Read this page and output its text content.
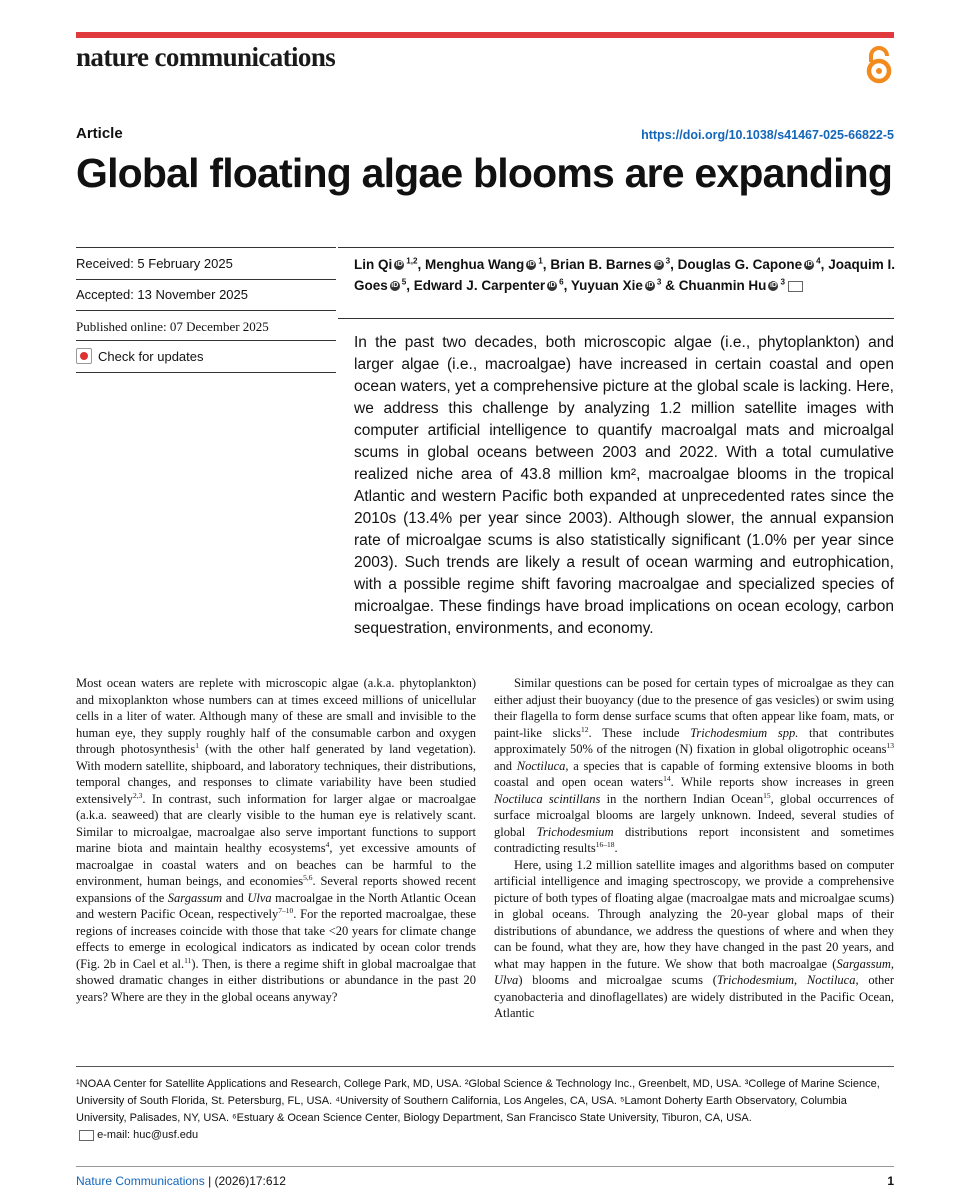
nature communications
Article	https://doi.org/10.1038/s41467-025-66822-5
Global floating algae blooms are expanding
Received: 5 February 2025
Accepted: 13 November 2025
Published online: 07 December 2025
Check for updates
Lin Qi iD $^{1,2}$, Menghua Wang iD $^1$, Brian B. Barnes iD $^3$, Douglas G. Capone iD $^4$, Joaquim I. Goes iD $^5$, Edward J. Carpenter iD $^6$, Yuyuan Xie iD $^3$ & Chuanmin Hu iD $^3$
In the past two decades, both microscopic algae (i.e., phytoplankton) and larger algae (i.e., macroalgae) have increased in certain coastal and open ocean waters, yet a comprehensive picture at the global scale is lacking. Here, we address this challenge by analyzing 1.2 million satellite images with computer artificial intelligence to quantify macroalgal mats and microalgal scums in global oceans between 2003 and 2022. With a total cumulative realized niche area of 43.8 million km², macroalgae blooms in the tropical Atlantic and western Pacific both expanded at unprecedented rates since the 2010s (13.4% per year since 2003). Although slower, the annual expansion rate of microalgae scums is also statistically significant (1.0% per year since 2003). Such trends are likely a result of ocean warming and eutrophication, with a possible regime shift favoring macroalgae and specialized species of microalgae. These findings have broad implications on ocean ecology, carbon sequestration, environments, and economy.

Most ocean waters are replete with microscopic algae (a.k.a. phytoplankton) and mixoplankton whose numbers can at times exceed millions of unicellular cells in a liter of water. Although many of these are small and invisible to the human eye, they supply roughly half of the consumable carbon and oxygen through photosynthesis$^1$ (with the other half generated by land vegetation). With modern satellite, shipboard, and laboratory techniques, their distributions, temporal changes, and responses to climate variability have been studied extensively$^{2,3}$. In contrast, such information for larger algae or macroalgae (a.k.a. seaweed) that are clearly visible to the human eye is relatively scant. Similar to microalgae, macroalgae also serve important functions to support marine biota and maintain healthy ecosystems$^4$, yet excessive amounts of macroalgae in coastal waters and on beaches can be harmful to the environment, human beings, and economies$^{5,6}$. Several reports showed recent expansions of the Sargassum and Ulva macroalgae in the North Atlantic Ocean and western Pacific Ocean, respectively$^{7-10}$. For the reported macroalgae, these regions of increases coincide with those that take <20 years for climate change effects to emerge in ecological indicators as indicated by ocean color trends (Fig. 2b in Cael et al.$^{11}$). Then, is there a regime shift in global macroalgae that showed dramatic changes in either distributions or abundance in the past 20 years? Where are they in the global oceans anyway?

Similar questions can be posed for certain types of microalgae as they can either adjust their buoyancy (due to the presence of gas vesicles) or swim using their flagella to form dense surface scums that often appear like foam, mats, or paint-like slicks$^{12}$. These include Trichodesmium spp. that contributes approximately 50% of the nitrogen (N) fixation in global oligotrophic oceans$^{13}$ and Noctiluca, a species that is capable of forming extensive blooms in both coastal and open ocean waters$^{14}$. While reports show increases in green Noctiluca scintillans in the northern Indian Ocean$^{15}$, global occurrences of surface microalgal blooms are largely unknown. Indeed, several studies of global Trichodesmium distributions report inconsistent and sometimes contradicting results$^{16-18}$.

Here, using 1.2 million satellite images and algorithms based on computer artificial intelligence and imaging spectroscopy, we provide a comprehensive picture of both types of floating algae (macroalgae mats and microalgae scums) in global oceans. Through analyzing the 20-year global maps of their distributions of abundance, we address the questions of where and when they can be found, what they are, how they have changed in the past 20 years, and what may happen in the future. We show that both macroalgae (Sargassum, Ulva) blooms and microalgae scums (Trichodesmium, Noctiluca, other cyanobacteria and dinoflagellates) are widely distributed in the Pacific Ocean, Atlantic

¹NOAA Center for Satellite Applications and Research, College Park, MD, USA. ²Global Science & Technology Inc., Greenbelt, MD, USA. ³College of Marine Science, University of South Florida, St. Petersburg, FL, USA. ⁴University of Southern California, Los Angeles, CA, USA. ⁵Lamont Doherty Earth Observatory, Columbia University, Palisades, NY, USA. ⁶Estuary & Ocean Science Center, Biology Department, San Francisco State University, Tiburon, CA, USA.
e-mail: huc@usf.edu
Nature Communications | (2026)17:612	1
